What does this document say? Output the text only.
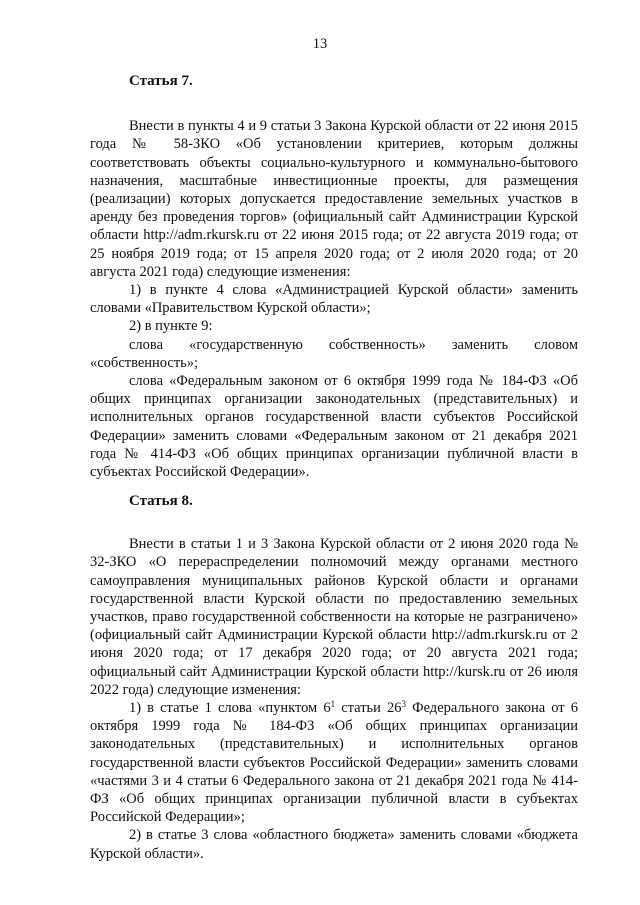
13
Статья 7.

Внести в пункты 4 и 9 статьи 3 Закона Курской области от 22 июня 2015 года № 58-ЗКО «Об установлении критериев, которым должны соответствовать объекты социально-культурного и коммунально-бытового назначения, масштабные инвестиционные проекты, для размещения (реализации) которых допускается предоставление земельных участков в аренду без проведения торгов» (официальный сайт Администрации Курской области http://adm.rkursk.ru от 22 июня 2015 года; от 22 августа 2019 года; от 25 ноября 2019 года; от 15 апреля 2020 года; от 2 июля 2020 года; от 20 августа 2021 года) следующие изменения:

1) в пункте 4 слова «Администрацией Курской области» заменить словами «Правительством Курской области»;

2) в пункте 9:

слова «государственную собственность» заменить словом «собственность»;

слова «Федеральным законом от 6 октября 1999 года № 184-ФЗ «Об общих принципах организации законодательных (представительных) и исполнительных органов государственной власти субъектов Российской Федерации» заменить словами «Федеральным законом от 21 декабря 2021 года № 414-ФЗ «Об общих принципах организации публичной власти в субъектах Российской Федерации».

Статья 8.

Внести в статьи 1 и 3 Закона Курской области от 2 июня 2020 года № 32-ЗКО «О перераспределении полномочий между органами местного самоуправления муниципальных районов Курской области и органами государственной власти Курской области по предоставлению земельных участков, право государственной собственности на которые не разграничено» (официальный сайт Администрации Курской области http://adm.rkursk.ru от 2 июня 2020 года; от 17 декабря 2020 года; от 20 августа 2021 года; официальный сайт Администрации Курской области http://kursk.ru от 26 июля 2022 года) следующие изменения:

1) в статье 1 слова «пунктом $6^1$ статьи $26^3$ Федерального закона от 6 октября 1999 года № 184-ФЗ «Об общих принципах организации законодательных (представительных) и исполнительных органов государственной власти субъектов Российской Федерации» заменить словами «частями 3 и 4 статьи 6 Федерального закона от 21 декабря 2021 года № 414-ФЗ «Об общих принципах организации публичной власти в субъектах Российской Федерации»;

2) в статье 3 слова «областного бюджета» заменить словами «бюджета Курской области».
